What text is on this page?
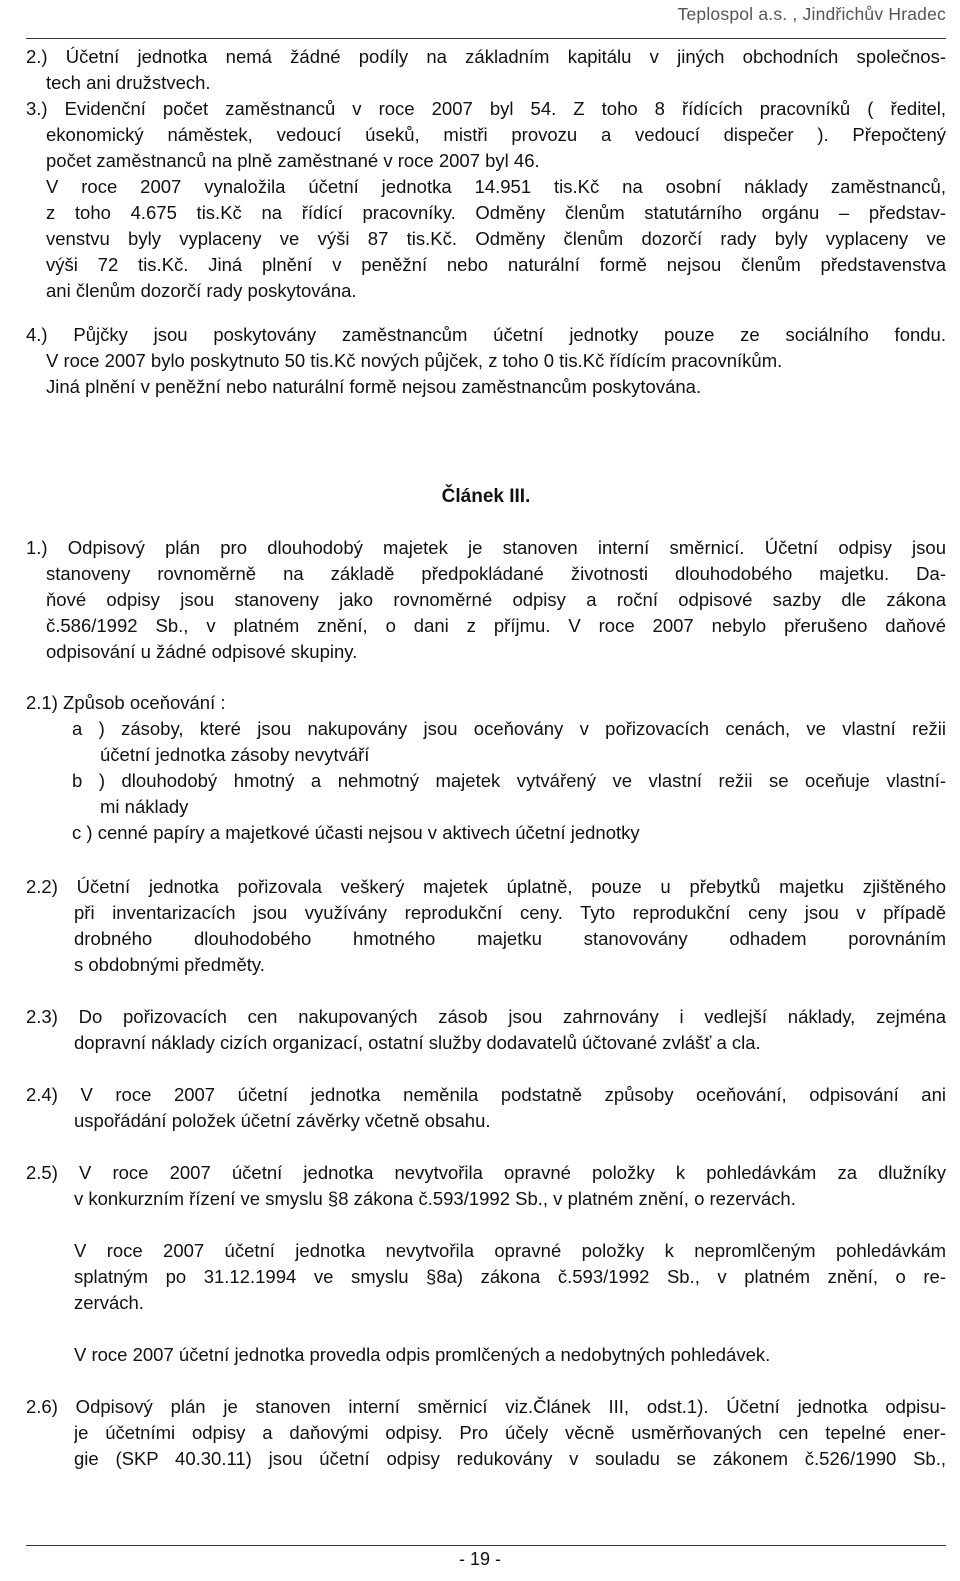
Teplospol a.s. , Jindřichův Hradec
2.) Účetní jednotka nemá žádné podíly na základním kapitálu v jiných obchodních společnos-
tech ani družstvech.
3.) Evidenční počet zaměstnanců v roce 2007 byl 54. Z toho 8 řídících pracovníků ( ředitel,
ekonomický náměstek, vedoucí úseků, mistři provozu a vedoucí dispečer ). Přepočtený
počet zaměstnanců na plně zaměstnané v roce 2007 byl 46.
V roce 2007 vynaložila účetní jednotka 14.951 tis.Kč na osobní náklady zaměstnanců,
z toho 4.675 tis.Kč na řídící pracovníky. Odměny členům statutárního orgánu – představ-
venstvu byly vyplaceny ve výši 87 tis.Kč. Odměny členům dozorčí rady byly vyplaceny ve
výši 72 tis.Kč. Jiná plnění v peněžní nebo naturální formě nejsou členům představenstva
ani členům dozorčí rady poskytována.
4.) Půjčky jsou poskytovány zaměstnancům účetní jednotky pouze ze sociálního fondu.
V roce 2007 bylo poskytnuto 50 tis.Kč nových půjček, z toho 0 tis.Kč řídícím pracovníkům.
Jiná plnění v peněžní nebo naturální formě nejsou zaměstnancům poskytována.
Článek III.
1.) Odpisový plán pro dlouhodobý majetek je stanoven interní směrnicí. Účetní odpisy jsou
stanoveny rovnoměrně na základě předpokládané životnosti dlouhodobého majetku. Da-
ňové odpisy jsou stanoveny jako rovnoměrné odpisy a roční odpisové sazby dle zákona
č.586/1992 Sb., v platném znění, o dani z příjmu. V roce 2007 nebylo přerušeno daňové
odpisování u žádné odpisové skupiny.
2.1) Způsob oceňování :
a ) zásoby, které jsou nakupovány jsou oceňovány v pořizovacích cenách, ve vlastní režii
účetní jednotka zásoby nevytváří
b ) dlouhodobý hmotný a nehmotný majetek vytvářený ve vlastní režii se oceňuje vlastní-
mi náklady
c ) cenné papíry a majetkové účasti nejsou v aktivech účetní jednotky
2.2) Účetní jednotka pořizovala veškerý majetek úplatně, pouze u přebytků majetku zjištěného
při inventarizacích jsou využívány reprodukční ceny. Tyto reprodukční ceny jsou v případě
drobného dlouhodobého hmotného majetku stanovovány odhadem porovnáním
s obdobnými předměty.
2.3) Do pořizovacích cen nakupovaných zásob jsou zahrnovány i vedlejší náklady, zejména
dopravní náklady cizích organizací, ostatní služby dodavatelů účtované zvlášť a cla.
2.4) V roce 2007 účetní jednotka neměnila podstatně způsoby oceňování, odpisování ani
uspořádání položek účetní závěrky včetně obsahu.
2.5) V roce 2007 účetní jednotka nevytvořila opravné položky k pohledávkám za dlužníky
v konkurzním řízení ve smyslu §8 zákona č.593/1992 Sb., v platném znění, o rezervách.
V roce 2007 účetní jednotka nevytvořila opravné položky k nepromlčeným pohledávkám
splatným po 31.12.1994 ve smyslu §8a) zákona č.593/1992 Sb., v platném znění, o re-
zervách.
V roce 2007 účetní jednotka provedla odpis promlčených a nedobytných pohledávek.
2.6) Odpisový plán je stanoven interní směrnicí viz.Článek III, odst.1). Účetní jednotka odpisu-
je účetními odpisy a daňovými odpisy. Pro účely věcně usměrňovaných cen tepelné ener-
gie (SKP 40.30.11) jsou účetní odpisy redukovány v souladu se zákonem č.526/1990 Sb.,
- 19 -
